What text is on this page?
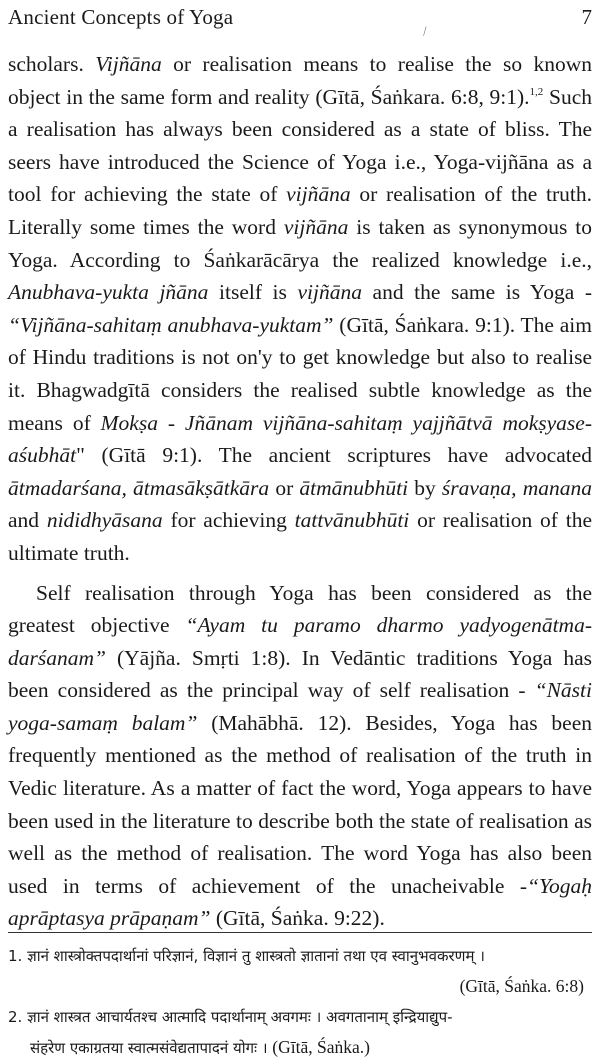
Ancient Concepts of Yoga	7
⁄

scholars. Vijñāna or realisation means to realise the so known object in the same form and reality (Gītā, Śaṅkara. 6:8, 9:1).$^{1,2}$ Such a realisation has always been considered as a state of bliss. The seers have introduced the Science of Yoga i.e., Yoga-vijñāna as a tool for achieving the state of vijñāna or realisation of the truth. Literally some times the word vijñāna is taken as synonymous to Yoga. According to Śaṅkarācārya the realized knowledge i.e., Anubhava-yukta jñāna itself is vijñāna and the same is Yoga - “Vijñāna-sahitaṃ anubhava-yuktam” (Gītā, Śaṅkara. 9:1). The aim of Hindu traditions is not on'y to get knowledge but also to realise it. Bhagwadgītā considers the realised subtle knowledge as the means of Mokṣa - Jñānam vijñāna-sahitaṃ yajjñātvā mokṣyase-aśubhāt" (Gītā 9:1). The ancient scriptures have advocated ātmadarśana, ātmasākṣātkāra or ātmānubhūti by śravaṇa, manana and nididhyāsana for achieving tattvānubhūti or realisation of the ultimate truth.

Self realisation through Yoga has been considered as the greatest objective “Ayam tu paramo dharmo yadyogenātma-darśanam” (Yājña. Smṛti 1:8). In Vedāntic traditions Yoga has been considered as the principal way of self realisation - “Nāsti yoga-samaṃ balam” (Mahābhā. 12). Besides, Yoga has been frequently mentioned as the method of realisation of the truth in Vedic literature. As a matter of fact the word, Yoga appears to have been used in the literature to describe both the state of realisation as well as the method of realisation. The word Yoga has also been used in terms of achievement of the unacheivable -“Yogaḥ aprāptasya prāpaṇam” (Gītā, Śaṅka. 9:22).

1. ज्ञानं शास्त्रोक्तपदार्थानां परिज्ञानं, विज्ञानं तु शास्त्रतो ज्ञातानां तथा एव स्वानुभवकरणम् ।
(Gītā, Śaṅka. 6:8)
2. ज्ञानं शास्त्रत आचार्यतश्च आत्मादि पदार्थानाम् अवगमः । अवगतानाम् इन्द्रियाद्युप-
संहरेण एकाग्रतया स्वात्मसंवेद्यतापादनं योगः । (Gītā, Śaṅka.)
